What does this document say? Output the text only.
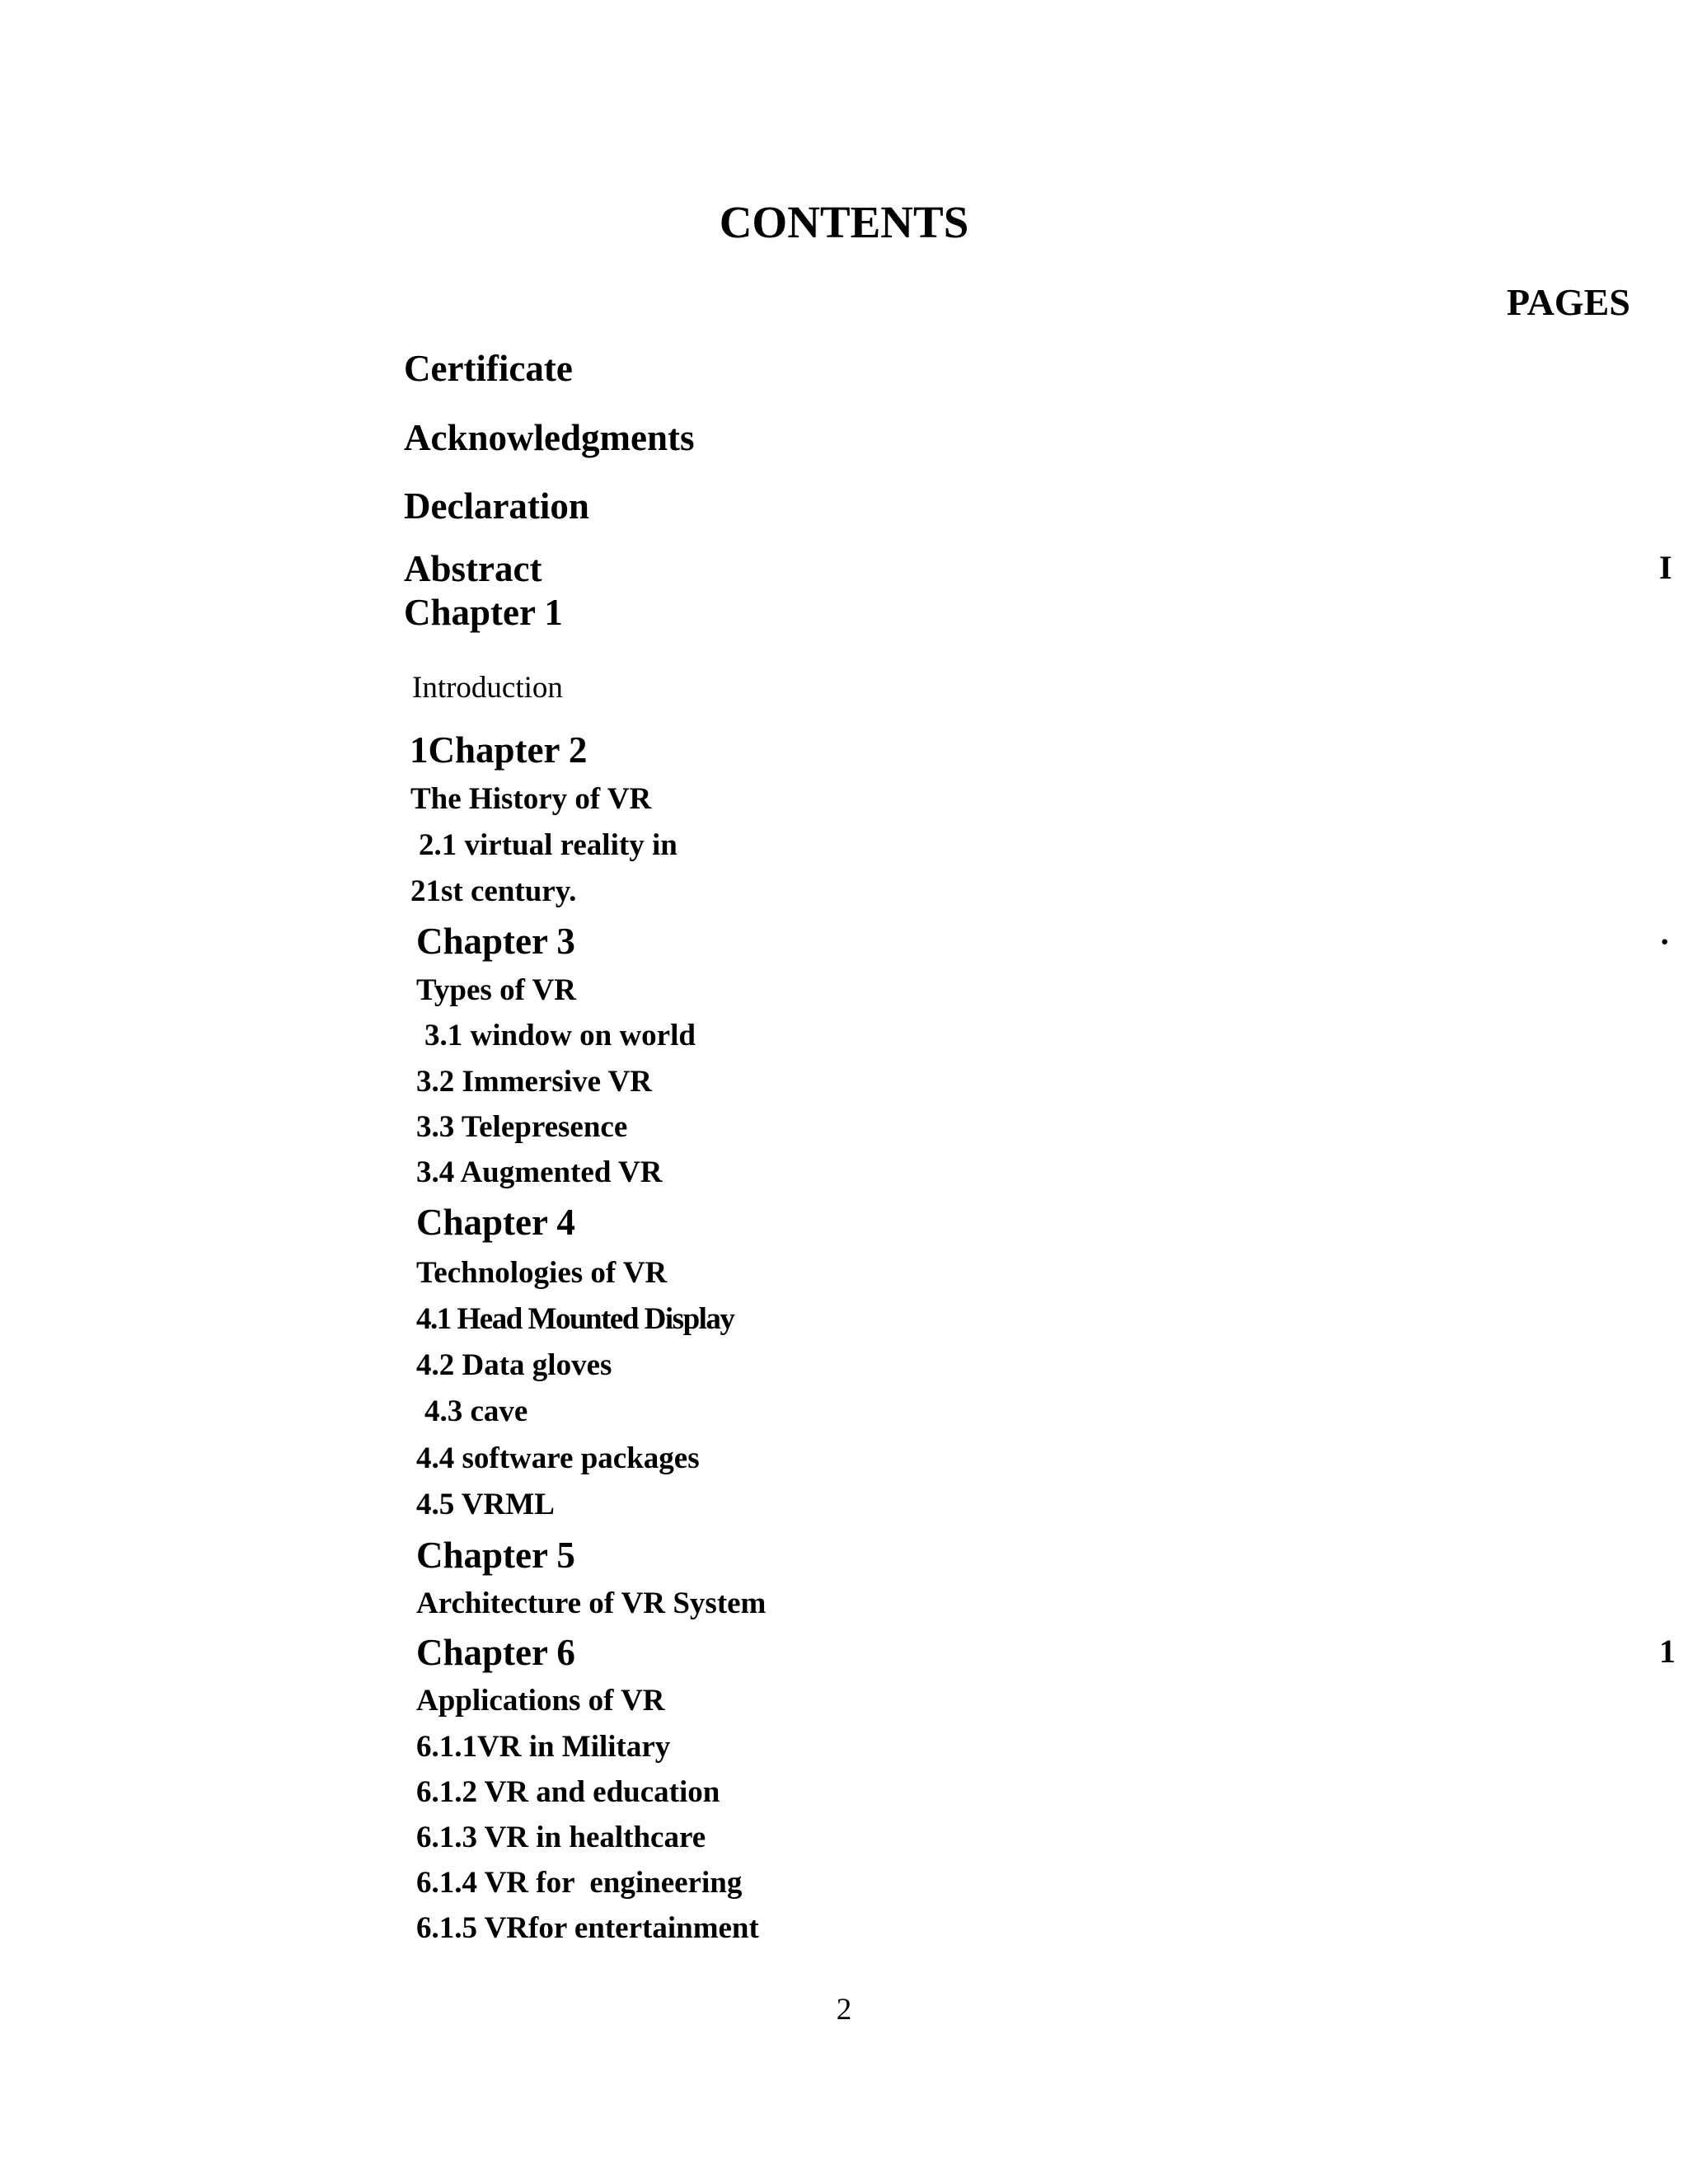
CONTENTS
PAGES
Certificate
Acknowledgments
Declaration
Abstract	I
Chapter 1
Introduction
1Chapter 2
The History of VR
2.1 virtual reality in
21st century.
Chapter 3	·
Types of VR
3.1 window on world
3.2 Immersive VR
3.3 Telepresence
3.4 Augmented VR
Chapter 4
Technologies of VR
4.1 Head Mounted Display
4.2 Data gloves
4.3 cave
4.4 software packages
4.5 VRML
Chapter 5
Architecture of VR System
Chapter 6	1
Applications of VR
6.1.1VR in Military
6.1.2 VR and education
6.1.3 VR in healthcare
6.1.4 VR for  engineering
6.1.5 VRfor entertainment
2
